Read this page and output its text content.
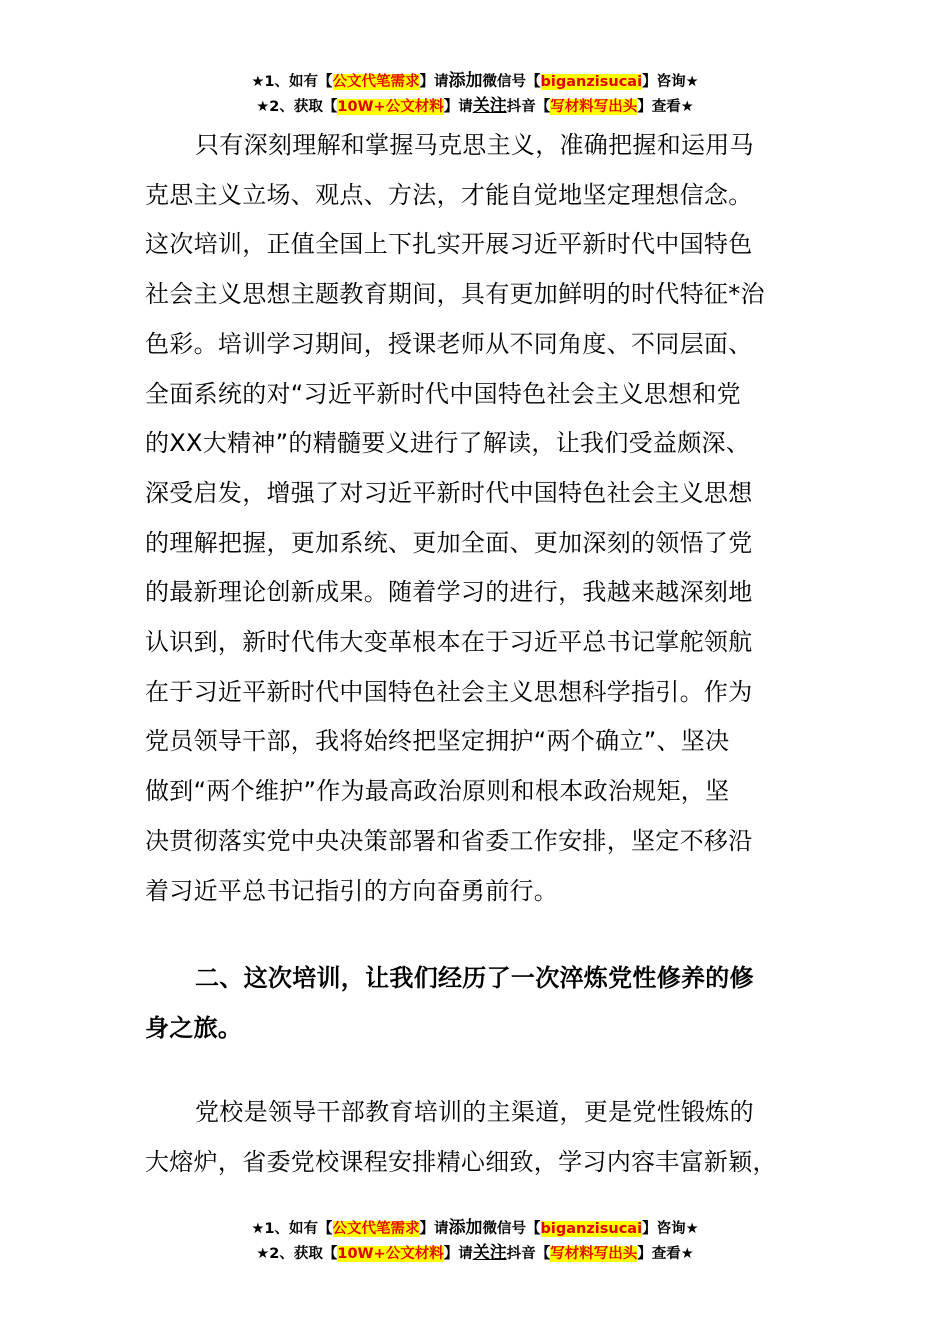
★1、如有【公文代笔需求】请添加微信号【biganzisucai】咨询★
★2、获取【10W+公文材料】请关注抖音【写材料写出头】查看★
只有深刻理解和掌握马克思主义，准确把握和运用马
克思主义立场、观点、方法，才能自觉地坚定理想信念。
这次培训，正值全国上下扎实开展习近平新时代中国特色
社会主义思想主题教育期间，具有更加鲜明的时代特征*治
色彩。培训学习期间，授课老师从不同角度、不同层面、
全面系统的对“习近平新时代中国特色社会主义思想和党
的XX大精神”的精髓要义进行了解读，让我们受益颇深、
深受启发，增强了对习近平新时代中国特色社会主义思想
的理解把握，更加系统、更加全面、更加深刻的领悟了党
的最新理论创新成果。随着学习的进行，我越来越深刻地
认识到，新时代伟大变革根本在于习近平总书记掌舵领航
在于习近平新时代中国特色社会主义思想科学指引。作为
党员领导干部，我将始终把坚定拥护“两个确立”、坚决
做到“两个维护”作为最高政治原则和根本政治规矩，坚
决贯彻落实党中央决策部署和省委工作安排，坚定不移沿
着习近平总书记指引的方向奋勇前行。
二、这次培训，让我们经历了一次淬炼党性修养的修
身之旅。
党校是领导干部教育培训的主渠道，更是党性锻炼的
大熔炉，省委党校课程安排精心细致，学习内容丰富新颖，
★1、如有【公文代笔需求】请添加微信号【biganzisucai】咨询★
★2、获取【10W+公文材料】请关注抖音【写材料写出头】查看★
